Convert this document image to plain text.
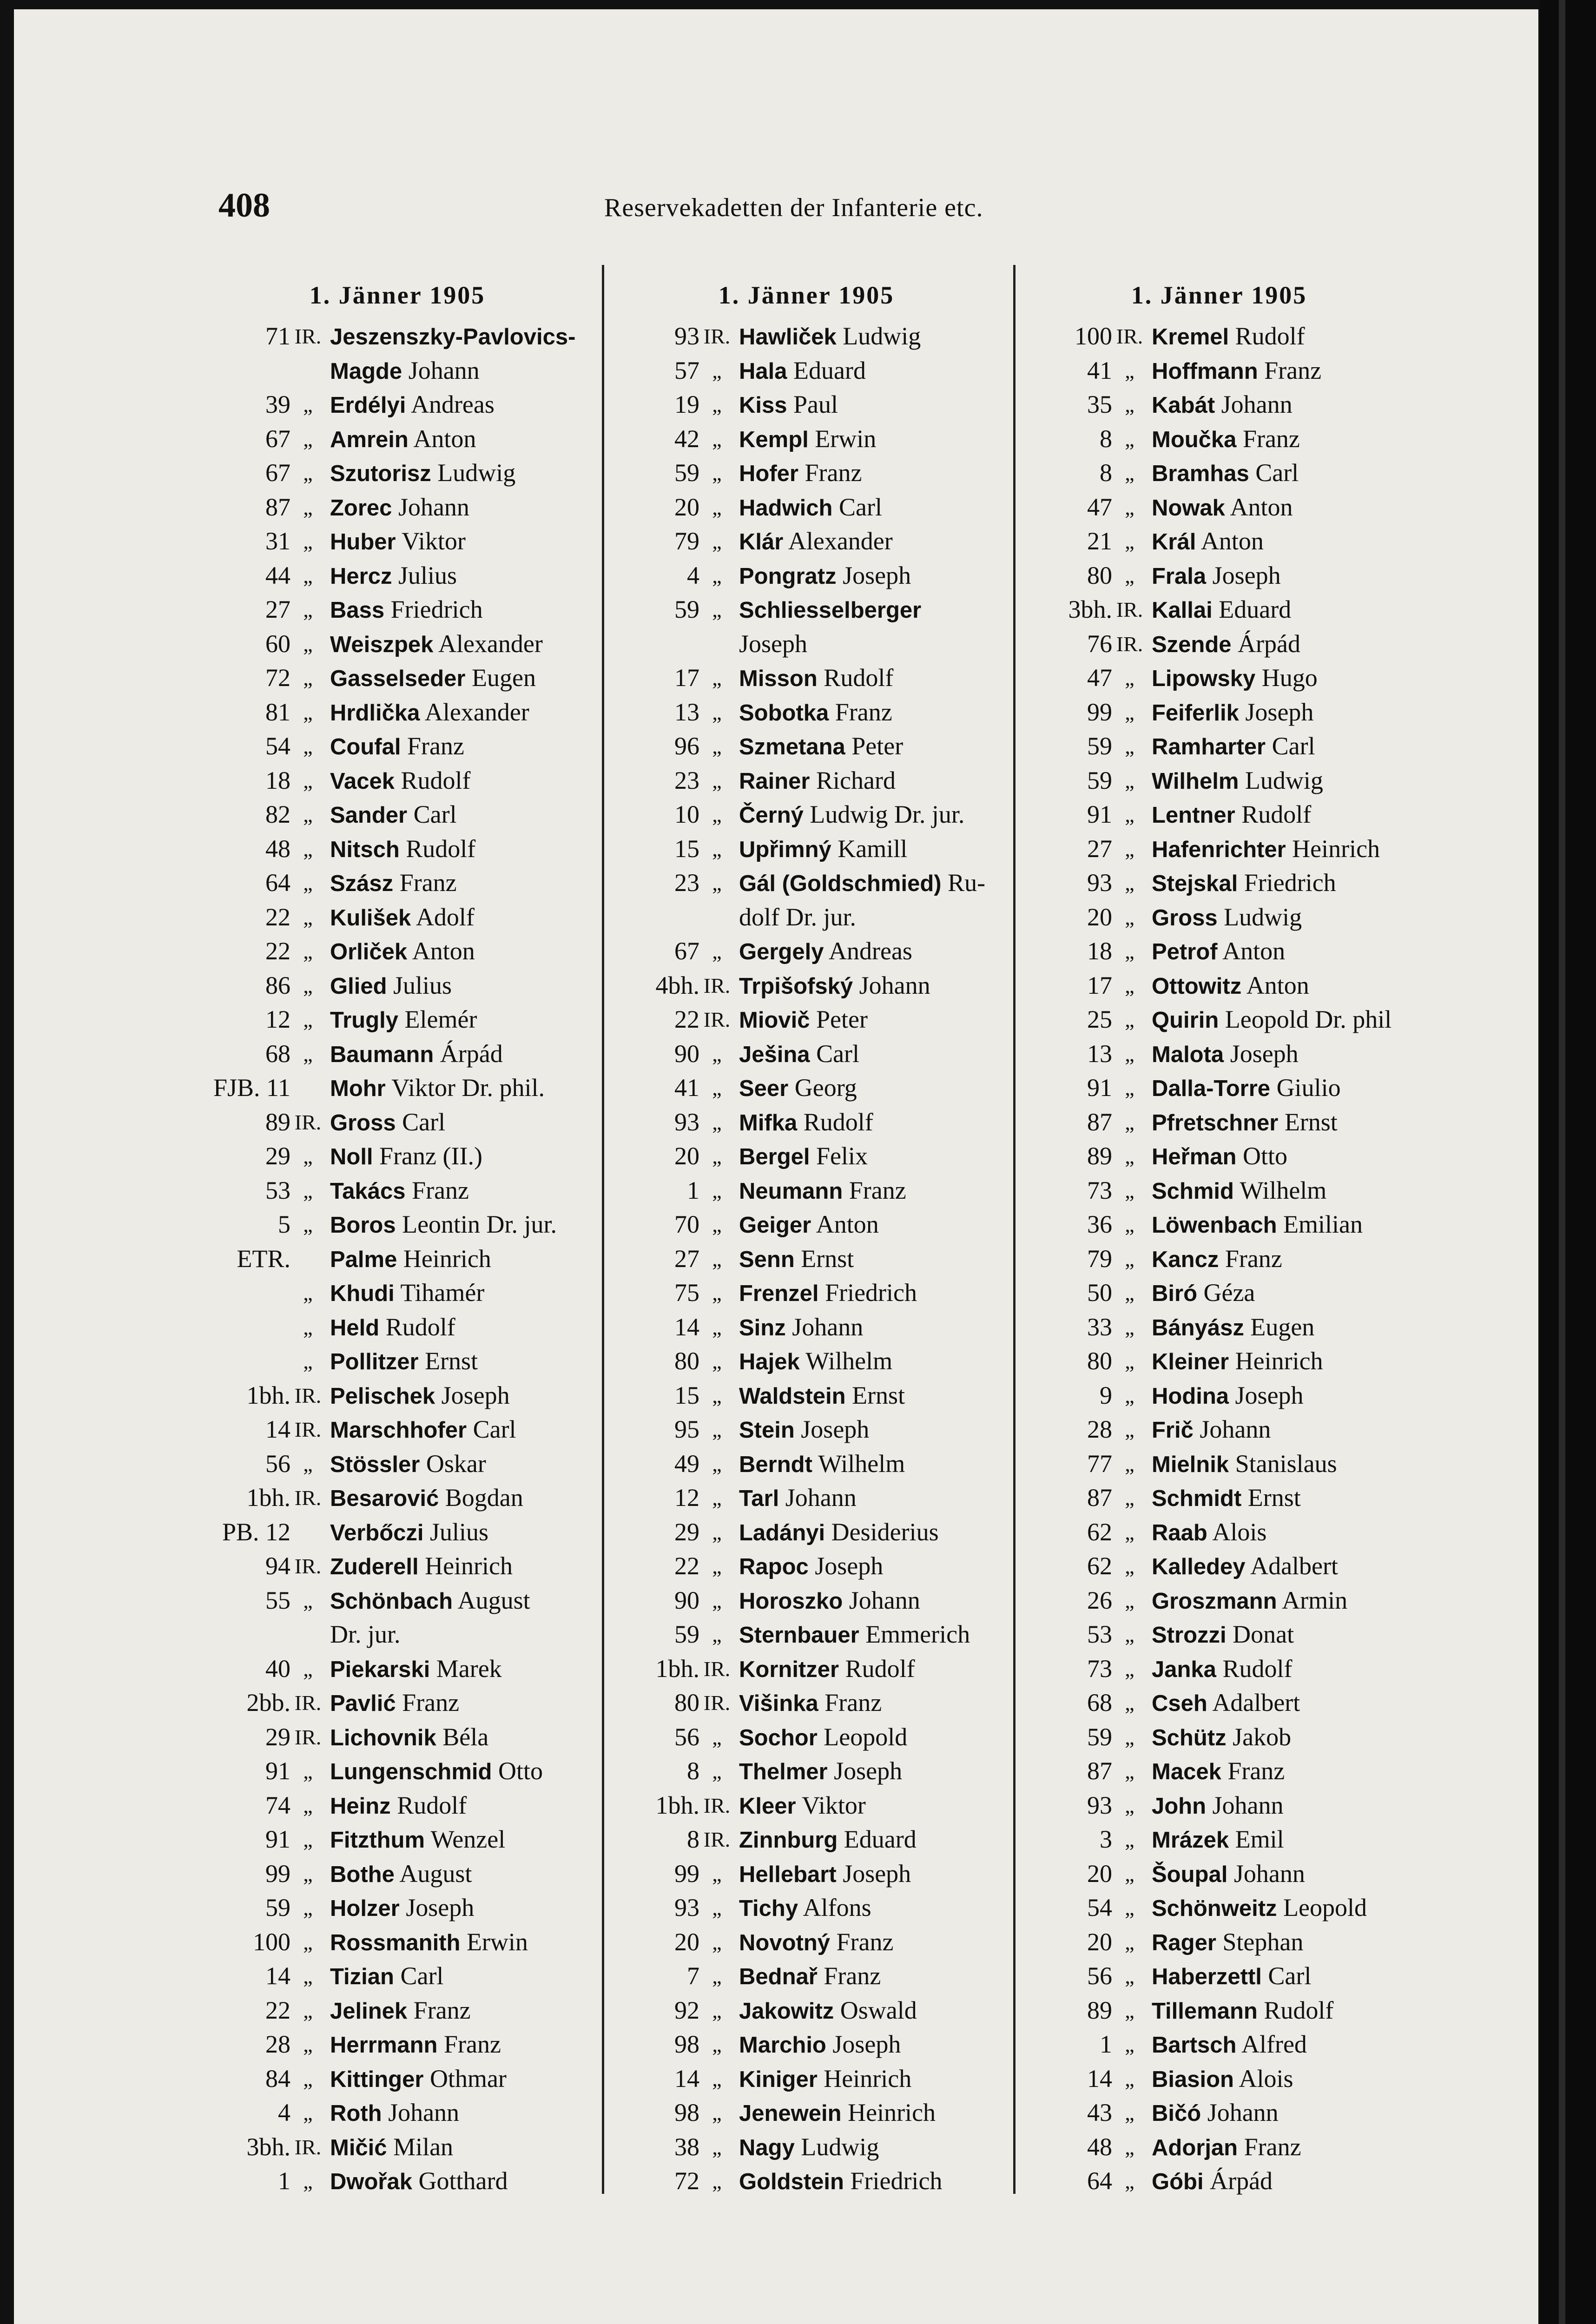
408	Reservekadetten der Infanterie etc.
1. Jänner 1905
71 IR. Jeszenszky-Pavlovics-
Magde Johann
39 „ Erdélyi Andreas
67 „ Amrein Anton
67 „ Szutorisz Ludwig
87 „ Zorec Johann
31 „ Huber Viktor
44 „ Hercz Julius
27 „ Bass Friedrich
60 „ Weiszpek Alexander
72 „ Gasselseder Eugen
81 „ Hrdlička Alexander
54 „ Coufal Franz
18 „ Vacek Rudolf
82 „ Sander Carl
48 „ Nitsch Rudolf
64 „ Szász Franz
22 „ Kulišek Adolf
22 „ Orliček Anton
86 „ Glied Julius
12 „ Trugly Elemér
68 „ Baumann Árpád
FJB. 11 Mohr Viktor Dr. phil.
89 IR. Gross Carl
29 „ Noll Franz (II.)
53 „ Takács Franz
5 „ Boros Leontin Dr. jur.
ETR. Palme Heinrich
„ Khudi Tihamér
„ Held Rudolf
„ Pollitzer Ernst
1bh. IR. Pelischek Joseph
14 IR. Marschhofer Carl
56 „ Stössler Oskar
1bh. IR. Besarović Bogdan
PB. 12 Verbőczi Julius
94 IR. Zuderell Heinrich
55 „ Schönbach August
Dr. jur.
40 „ Piekarski Marek
2bb. IR. Pavlić Franz
29 IR. Lichovnik Béla
91 „ Lungenschmid Otto
74 „ Heinz Rudolf
91 „ Fitzthum Wenzel
99 „ Bothe August
59 „ Holzer Joseph
100 „ Rossmanith Erwin
14 „ Tizian Carl
22 „ Jelinek Franz
28 „ Herrmann Franz
84 „ Kittinger Othmar
4 „ Roth Johann
3bh. IR. Mičić Milan
1 „ Dwořak Gotthard
1. Jänner 1905
93 IR. Hawliček Ludwig
57 „ Hala Eduard
19 „ Kiss Paul
42 „ Kempl Erwin
59 „ Hofer Franz
20 „ Hadwich Carl
79 „ Klár Alexander
4 „ Pongratz Joseph
59 „ Schliesselberger
Joseph
17 „ Misson Rudolf
13 „ Sobotka Franz
96 „ Szmetana Peter
23 „ Rainer Richard
10 „ Černý Ludwig Dr. jur.
15 „ Upřimný Kamill
23 „ Gál (Goldschmied) Ru-
dolf Dr. jur.
67 „ Gergely Andreas
4bh. IR. Trpišofský Johann
22 IR. Miovič Peter
90 „ Ješina Carl
41 „ Seer Georg
93 „ Mifka Rudolf
20 „ Bergel Felix
1 „ Neumann Franz
70 „ Geiger Anton
27 „ Senn Ernst
75 „ Frenzel Friedrich
14 „ Sinz Johann
80 „ Hajek Wilhelm
15 „ Waldstein Ernst
95 „ Stein Joseph
49 „ Berndt Wilhelm
12 „ Tarl Johann
29 „ Ladányi Desiderius
22 „ Rapoc Joseph
90 „ Horoszko Johann
59 „ Sternbauer Emmerich
1bh. IR. Kornitzer Rudolf
80 IR. Višinka Franz
56 „ Sochor Leopold
8 „ Thelmer Joseph
1bh. IR. Kleer Viktor
8 IR. Zinnburg Eduard
99 „ Hellebart Joseph
93 „ Tichy Alfons
20 „ Novotný Franz
7 „ Bednař Franz
92 „ Jakowitz Oswald
98 „ Marchio Joseph
14 „ Kiniger Heinrich
98 „ Jenewein Heinrich
38 „ Nagy Ludwig
72 „ Goldstein Friedrich
1. Jänner 1905
100 IR. Kremel Rudolf
41 „ Hoffmann Franz
35 „ Kabát Johann
8 „ Moučka Franz
8 „ Bramhas Carl
47 „ Nowak Anton
21 „ Král Anton
80 „ Frala Joseph
3bh. IR. Kallai Eduard
76 IR. Szende Árpád
47 „ Lipowsky Hugo
99 „ Feiferlik Joseph
59 „ Ramharter Carl
59 „ Wilhelm Ludwig
91 „ Lentner Rudolf
27 „ Hafenrichter Heinrich
93 „ Stejskal Friedrich
20 „ Gross Ludwig
18 „ Petrof Anton
17 „ Ottowitz Anton
25 „ Quirin Leopold Dr. phil
13 „ Malota Joseph
91 „ Dalla-Torre Giulio
87 „ Pfretschner Ernst
89 „ Heřman Otto
73 „ Schmid Wilhelm
36 „ Löwenbach Emilian
79 „ Kancz Franz
50 „ Biró Géza
33 „ Bányász Eugen
80 „ Kleiner Heinrich
9 „ Hodina Joseph
28 „ Frič Johann
77 „ Mielnik Stanislaus
87 „ Schmidt Ernst
62 „ Raab Alois
62 „ Kalledey Adalbert
26 „ Groszmann Armin
53 „ Strozzi Donat
73 „ Janka Rudolf
68 „ Cseh Adalbert
59 „ Schütz Jakob
87 „ Macek Franz
93 „ John Johann
3 „ Mrázek Emil
20 „ Šoupal Johann
54 „ Schönweitz Leopold
20 „ Rager Stephan
56 „ Haberzettl Carl
89 „ Tillemann Rudolf
1 „ Bartsch Alfred
14 „ Biasion Alois
43 „ Bičó Johann
48 „ Adorjan Franz
64 „ Góbi Árpád
